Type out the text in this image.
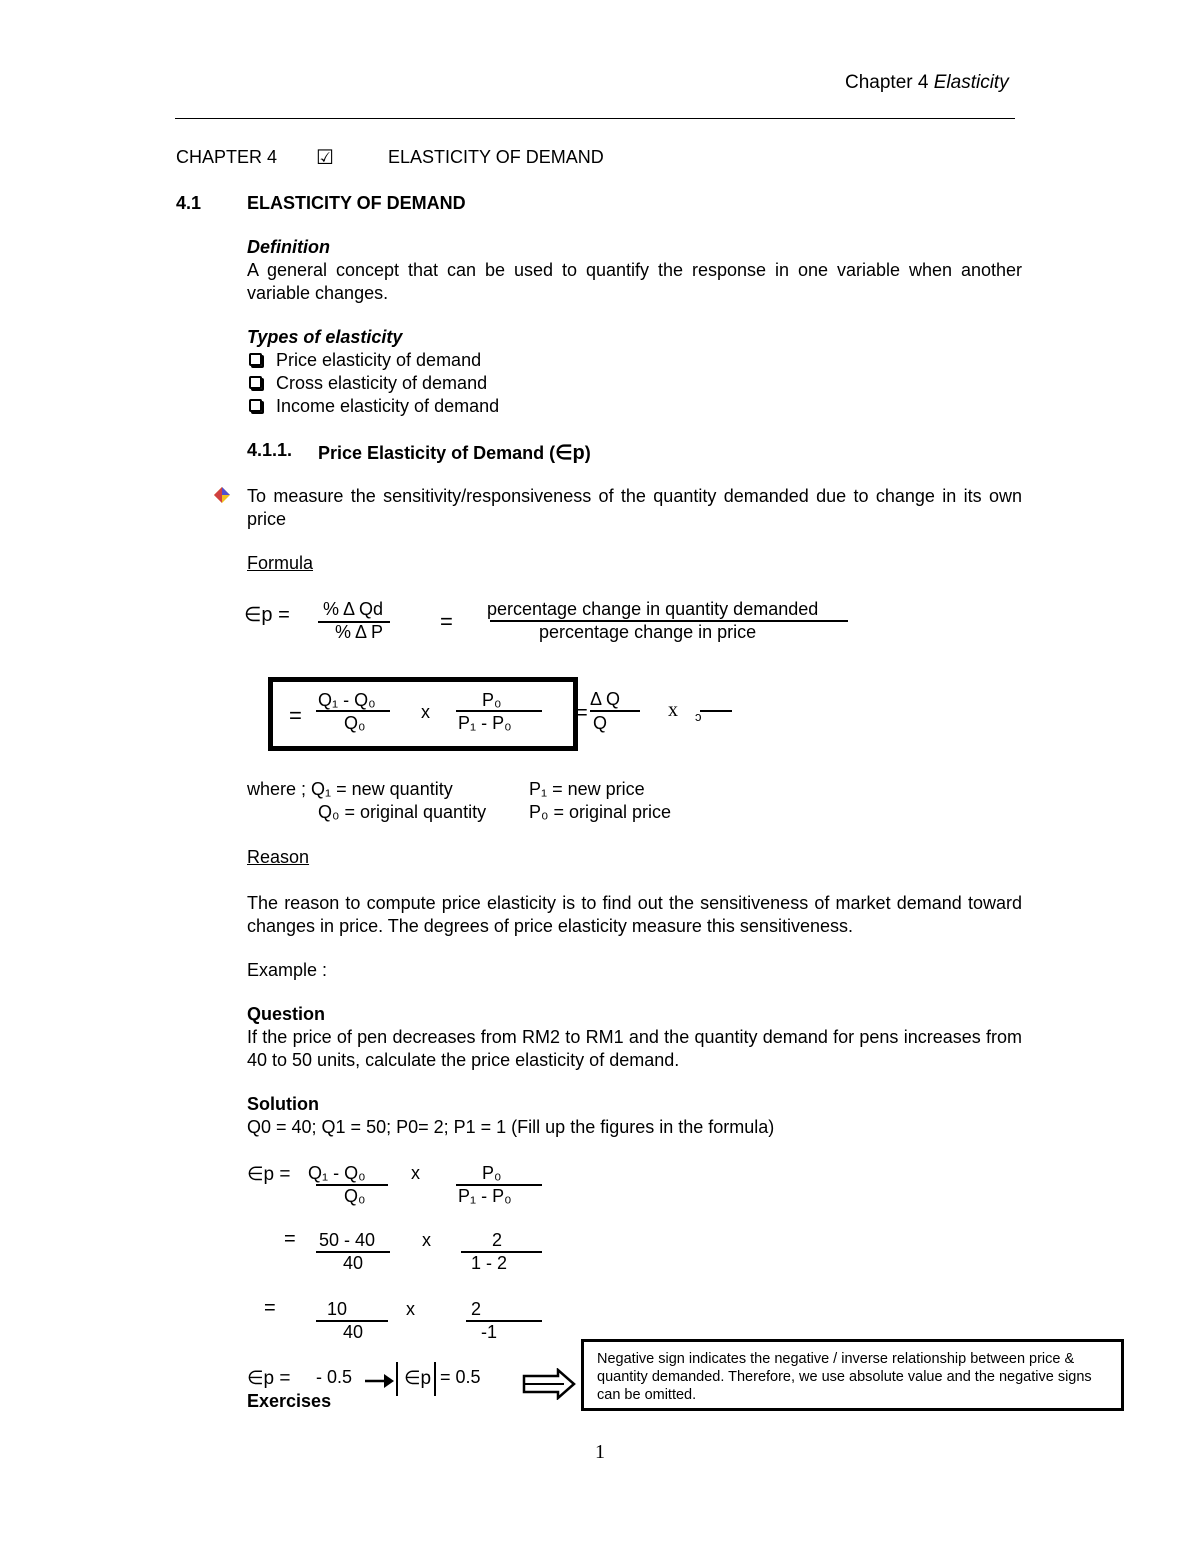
Chapter 4 Elasticity
CHAPTER 4 ☑	ELASTICITY OF DEMAND
4.1	ELASTICITY OF DEMAND
Definition
A general concept that can be used to quantify the response in one variable when another variable changes.
Types of elasticity
Price elasticity of demand
Cross elasticity of demand
Income elasticity of demand
4.1.1. Price Elasticity of Demand (∈p)
To measure the sensitivity/responsiveness of the quantity demanded due to change in its own price
Formula
∈p = % Δ Qd
% Δ P	= percentage change in quantity demanded
percentage change in price
=
Q₁ - Q₀
Q₀
x
P₀
P₁ - P₀	=
Δ Q
Q
x ɔ
where ; Q₁ = new quantity	P₁ = new price
Q₀ = original quantity P₀ = original price
Reason
The reason to compute price elasticity is to find out the sensitiveness of market demand toward changes in price. The degrees of price elasticity measure this sensitiveness.
Example :
Question
If the price of pen decreases from RM2 to RM1 and the quantity demand for pens increases from 40 to 50 units, calculate the price elasticity of demand.
Solution
Q0 = 40; Q1 = 50; P0= 2; P1 = 1 (Fill up the figures in the formula)
∈p = Q₁ - Q₀
Q₀
x	P₀
P₁ - P₀
= 50 - 40
40
x	2
1 - 2
=	10
40
x	2
-1
∈p = - 0.5	∈p = 0.5
Exercises
Negative sign indicates the negative / inverse relationship between price & quantity demanded. Therefore, we use absolute value and the negative signs can be omitted.
1
